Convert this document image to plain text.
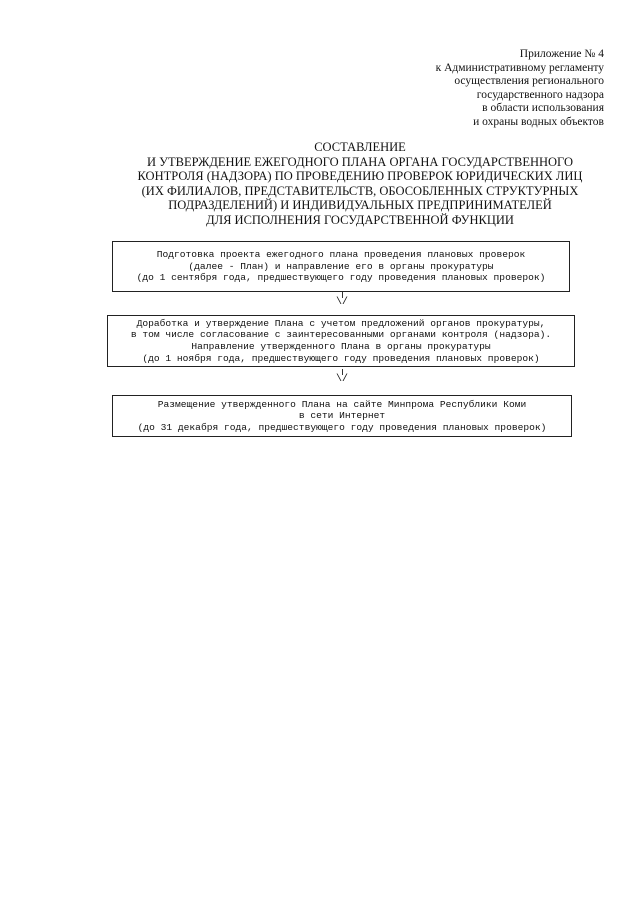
Приложение № 4
к Административному регламенту
осуществления регионального
государственного надзора
в области использования
и охраны водных объектов
СОСТАВЛЕНИЕ
И УТВЕРЖДЕНИЕ ЕЖЕГОДНОГО ПЛАНА ОРГАНА ГОСУДАРСТВЕННОГО
КОНТРОЛЯ (НАДЗОРА) ПО ПРОВЕДЕНИЮ ПРОВЕРОК ЮРИДИЧЕСКИХ ЛИЦ
(ИХ ФИЛИАЛОВ, ПРЕДСТАВИТЕЛЬСТВ, ОБОСОБЛЕННЫХ СТРУКТУРНЫХ
ПОДРАЗДЕЛЕНИЙ) И ИНДИВИДУАЛЬНЫХ ПРЕДПРИНИМАТЕЛЕЙ
ДЛЯ ИСПОЛНЕНИЯ ГОСУДАРСТВЕННОЙ ФУНКЦИИ
Подготовка проекта ежегодного плана проведения плановых проверок
(далее - План) и направление его в органы прокуратуры
(до 1 сентября года, предшествующего году проведения плановых проверок)
\/
Доработка и утверждение Плана с учетом предложений органов прокуратуры,
в том числе согласование с заинтересованными органами контроля (надзора).
Направление утвержденного Плана в органы прокуратуры
(до 1 ноября года, предшествующего году проведения плановых проверок)
\/
Размещение утвержденного Плана на сайте Минпрома Республики Коми
в сети Интернет
(до 31 декабря года, предшествующего году проведения плановых проверок)
